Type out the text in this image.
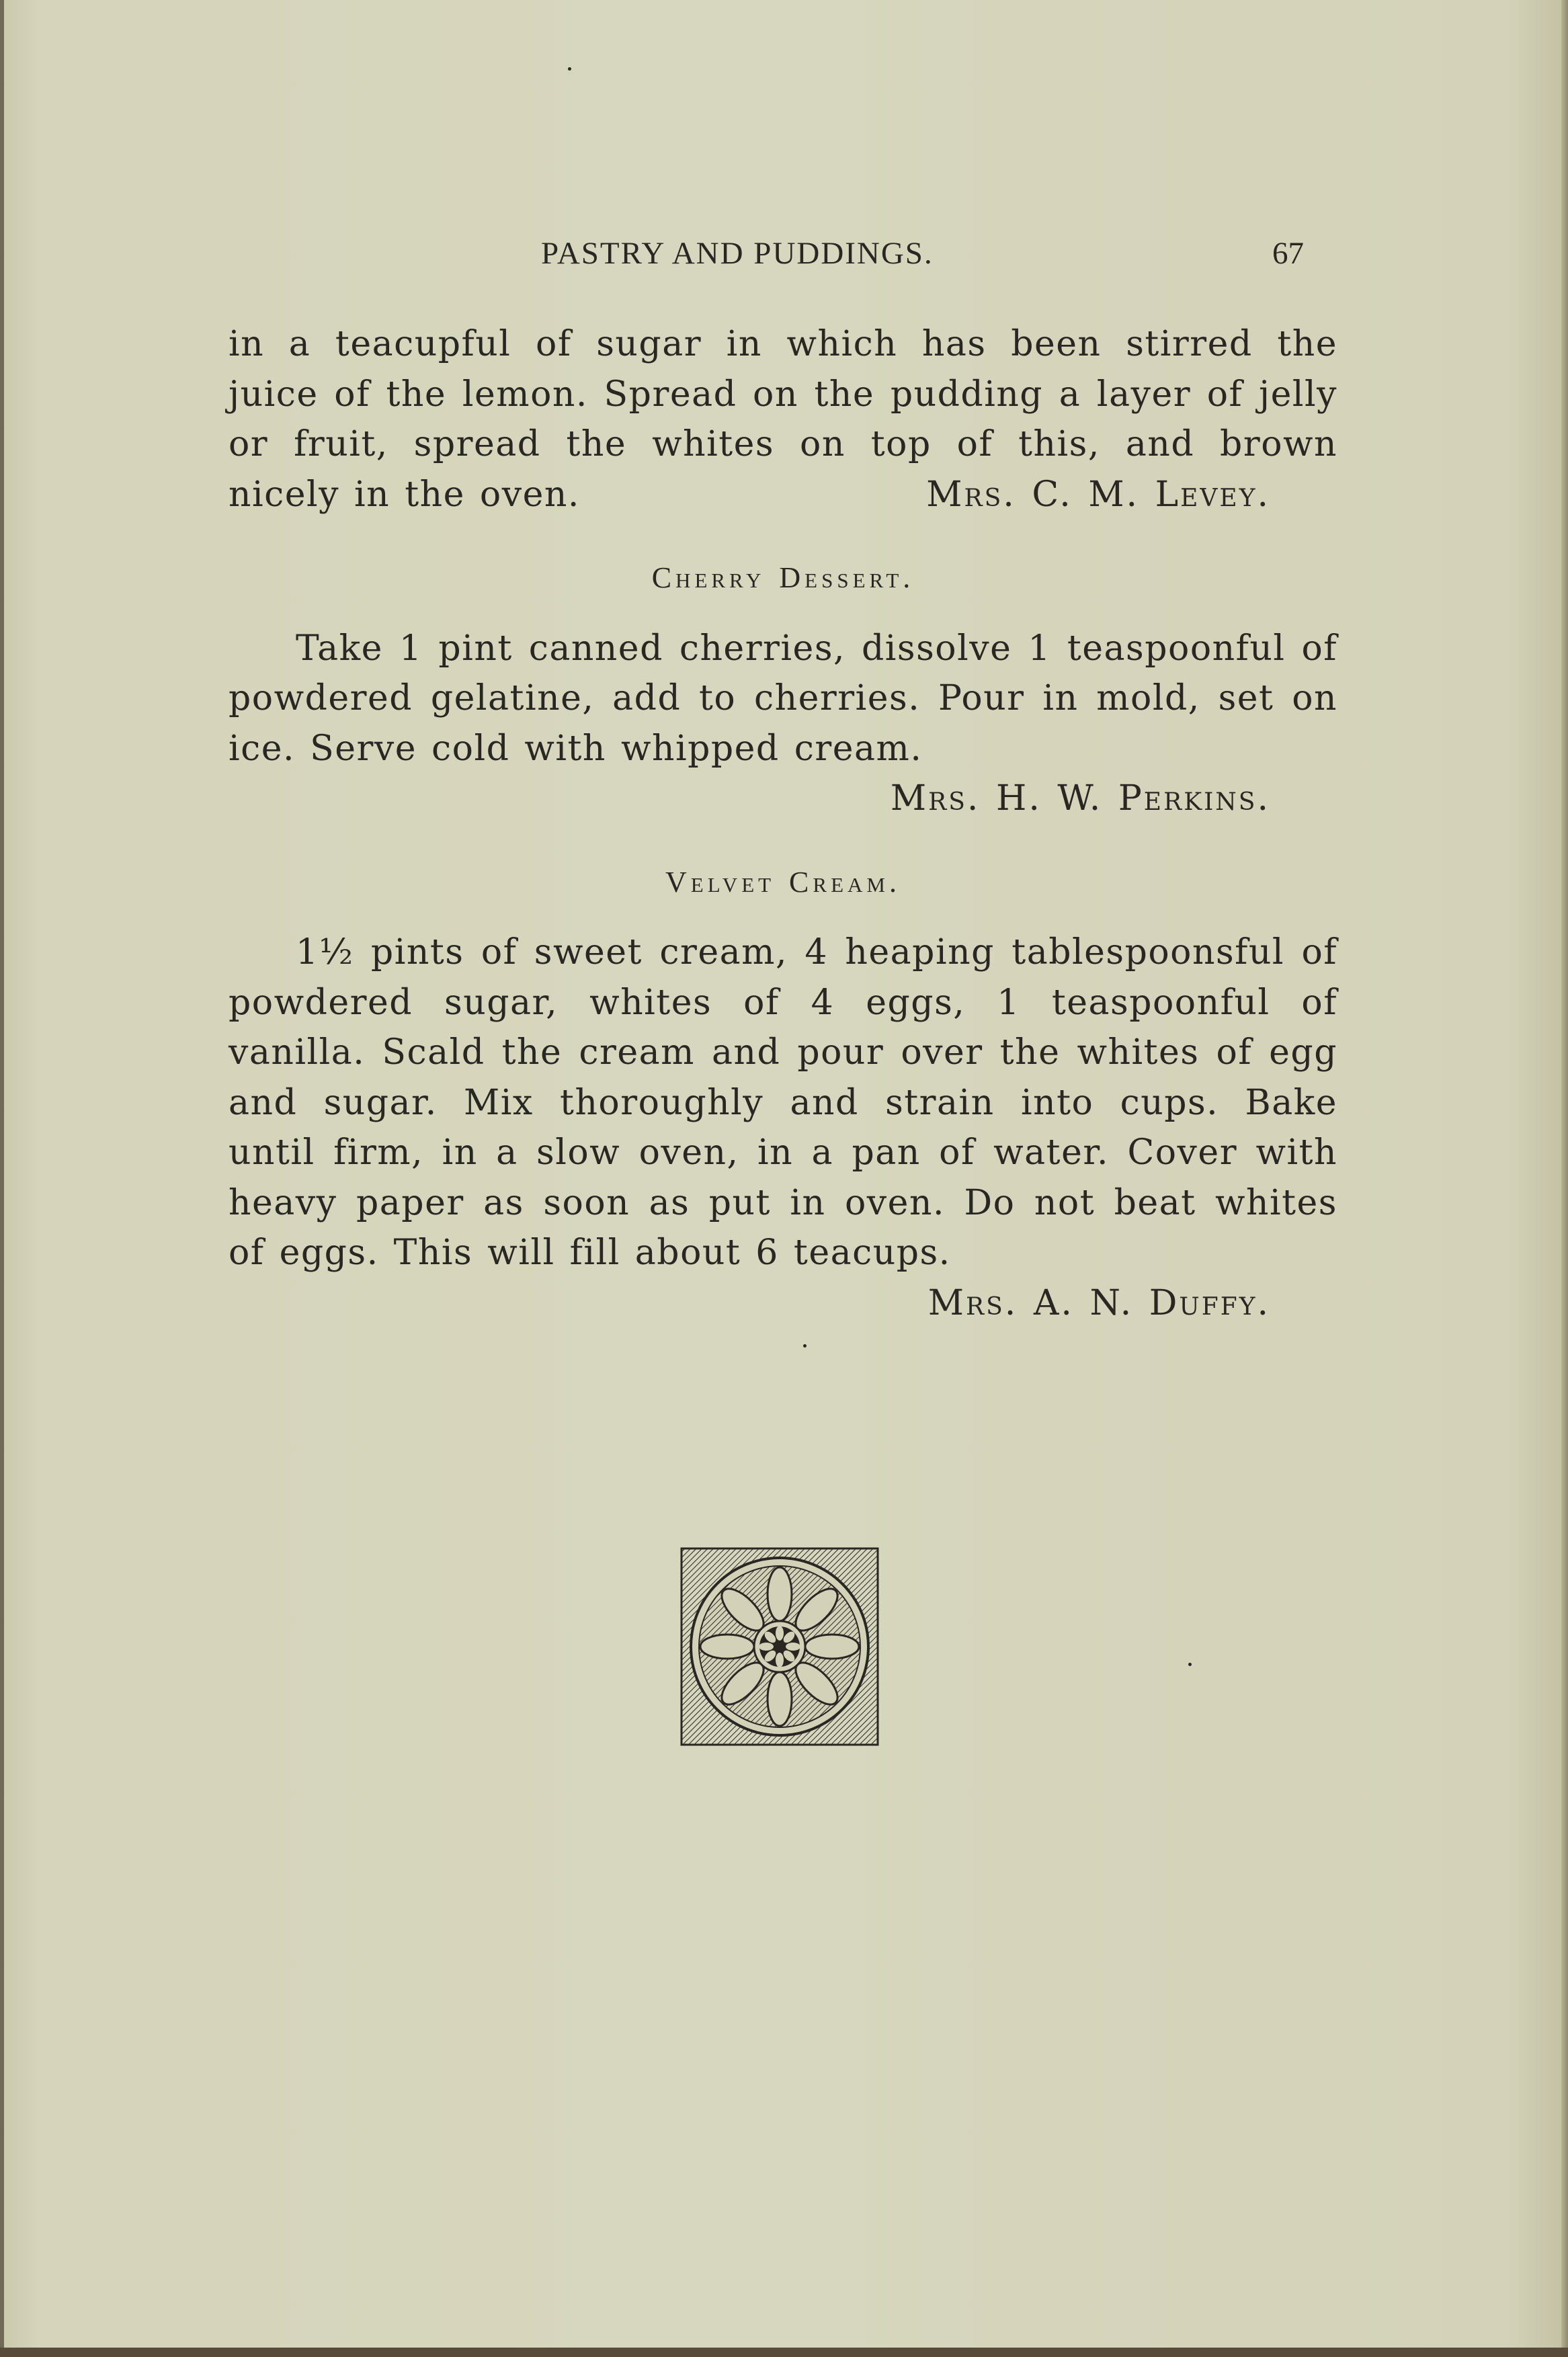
PASTRY AND PUDDINGS.	67

in a teacupful of sugar in which has been stirred the juice of the lemon. Spread on the pudding a layer of jelly or fruit, spread the whites on top of this, and brown nicely in the oven.	Mrs. C. M. Levey.

Cherry Dessert.

Take 1 pint canned cherries, dissolve 1 teaspoonful of powdered gelatine, add to cherries. Pour in mold, set on ice. Serve cold with whipped cream.

Mrs. H. W. Perkins.
Velvet Cream.

1½ pints of sweet cream, 4 heaping tablespoonsful of powdered sugar, whites of 4 eggs, 1 teaspoonful of vanilla. Scald the cream and pour over the whites of egg and sugar. Mix thoroughly and strain into cups. Bake until firm, in a slow oven, in a pan of water. Cover with heavy paper as soon as put in oven. Do not beat whites of eggs. This will fill about 6 teacups.
Mrs. A. N. Duffy.
